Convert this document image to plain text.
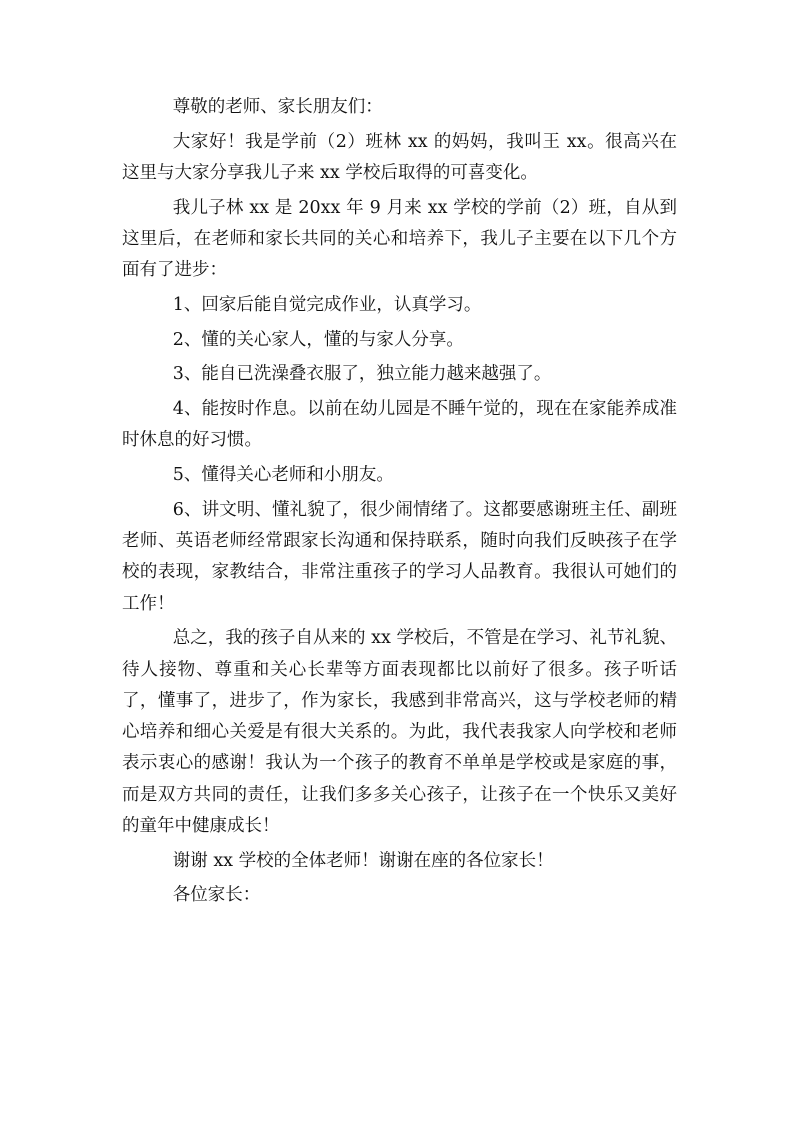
尊敬的老师、家长朋友们：

大家好！我是学前（2）班林 xx 的妈妈，我叫王 xx。很高兴在这里与大家分享我儿子来 xx 学校后取得的可喜变化。

我儿子林 xx 是 20xx 年 9 月来 xx 学校的学前（2）班，自从到这里后，在老师和家长共同的关心和培养下，我儿子主要在以下几个方面有了进步：

1、回家后能自觉完成作业，认真学习。

2、懂的关心家人，懂的与家人分享。

3、能自已洗澡叠衣服了，独立能力越来越强了。

4、能按时作息。以前在幼儿园是不睡午觉的，现在在家能养成准时休息的好习惯。

5、懂得关心老师和小朋友。

6、讲文明、懂礼貌了，很少闹情绪了。这都要感谢班主任、副班老师、英语老师经常跟家长沟通和保持联系，随时向我们反映孩子在学校的表现，家教结合，非常注重孩子的学习人品教育。我很认可她们的工作！

总之，我的孩子自从来的 xx 学校后，不管是在学习、礼节礼貌、待人接物、尊重和关心长辈等方面表现都比以前好了很多。孩子听话了，懂事了，进步了，作为家长，我感到非常高兴，这与学校老师的精心培养和细心关爱是有很大关系的。为此，我代表我家人向学校和老师表示衷心的感谢！我认为一个孩子的教育不单单是学校或是家庭的事，而是双方共同的责任，让我们多多关心孩子，让孩子在一个快乐又美好的童年中健康成长！

谢谢 xx 学校的全体老师！谢谢在座的各位家长！

各位家长：
